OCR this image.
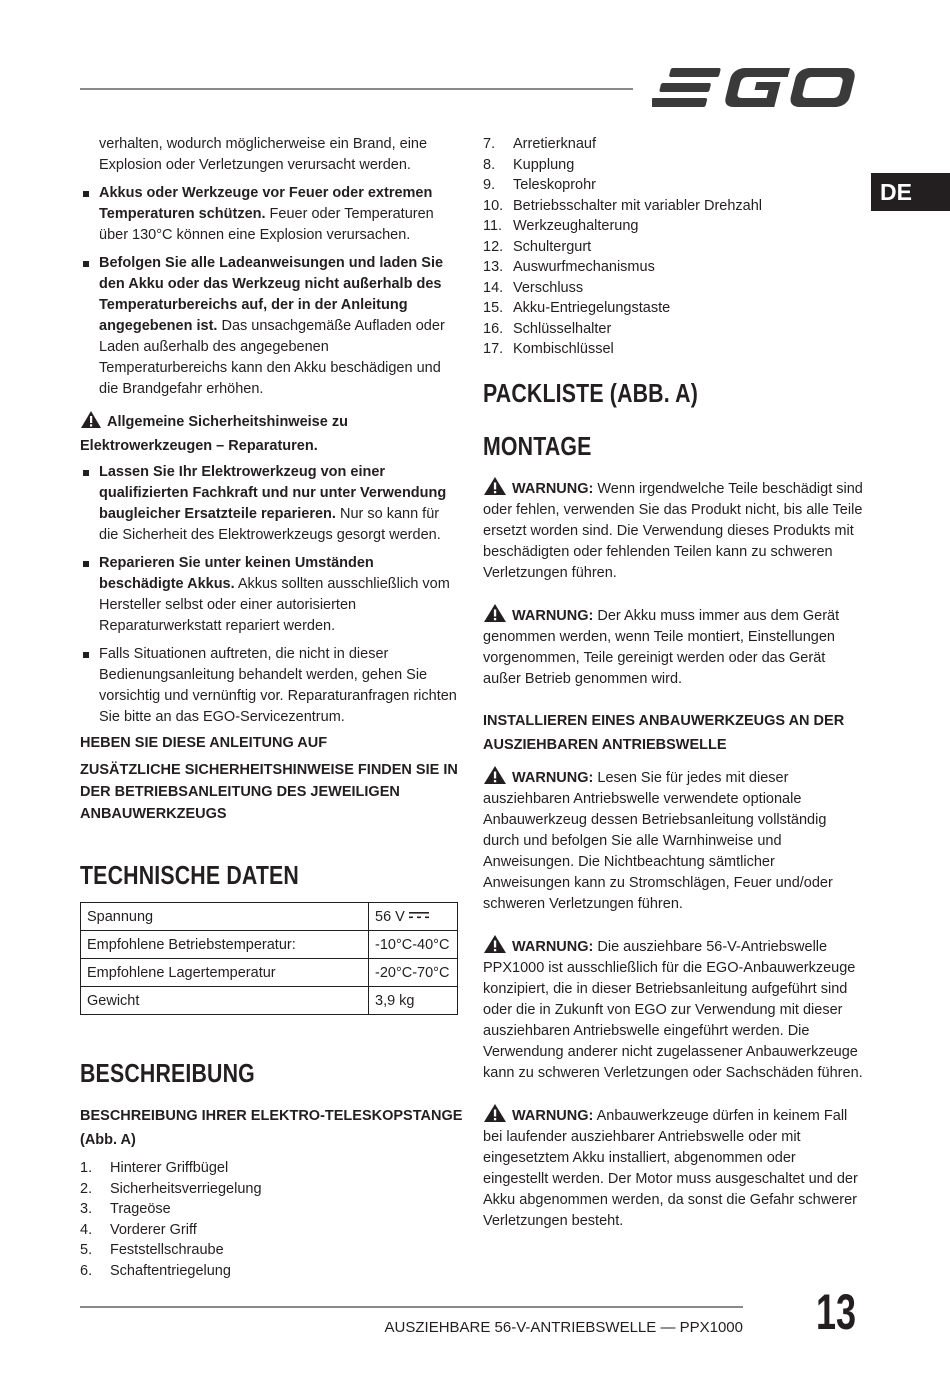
DE

verhalten, wodurch möglicherweise ein Brand, eine Explosion oder Verletzungen verursacht werden.

Akkus oder Werkzeuge vor Feuer oder extremen Temperaturen schützen. Feuer oder Temperaturen über 130°C können eine Explosion verursachen.
Befolgen Sie alle Ladeanweisungen und laden Sie den Akku oder das Werkzeug nicht außerhalb des Temperaturbereichs auf, der in der Anleitung angegebenen ist. Das unsachgemäße Aufladen oder Laden außerhalb des angegebenen Temperaturbereichs kann den Akku beschädigen und die Brandgefahr erhöhen.

Allgemeine Sicherheitshinweise zu Elektrowerkzeugen – Reparaturen.

Lassen Sie Ihr Elektrowerkzeug von einer qualifizierten Fachkraft und nur unter Verwendung baugleicher Ersatzteile reparieren. Nur so kann für die Sicherheit des Elektrowerkzeugs gesorgt werden.
Reparieren Sie unter keinen Umständen beschädigte Akkus. Akkus sollten ausschließlich vom Hersteller selbst oder einer autorisierten Reparaturwerkstatt repariert werden.
Falls Situationen auftreten, die nicht in dieser Bedienungsanleitung behandelt werden, gehen Sie vorsichtig und vernünftig vor. Reparaturanfragen richten Sie bitte an das EGO-Servicezentrum.

HEBEN SIE DIESE ANLEITUNG AUF

ZUSÄTZLICHE SICHERHEITSHINWEISE FINDEN SIE IN DER BETRIEBSANLEITUNG DES JEWEILIGEN ANBAUWERKZEUGS

TECHNISCHE DATEN
Spannung	56 V
Empfohlene Betriebstemperatur:	-10°C-40°C
Empfohlene Lagertemperatur	-20°C-70°C
Gewicht	3,9 kg
BESCHREIBUNG

BESCHREIBUNG IHRER ELEKTRO-TELESKOPSTANGE (Abb. A)

1.	Hinterer Griffbügel
2.	Sicherheitsverriegelung
3.	Trageöse
4.	Vorderer Griff
5.	Feststellschraube
6.	Schaftentriegelung
7.	Arretierknauf
8.	Kupplung
9.	Teleskoprohr
10. Betriebsschalter mit variabler Drehzahl
11. Werkzeughalterung
12. Schultergurt
13. Auswurfmechanismus
14. Verschluss
15. Akku-Entriegelungstaste
16. Schlüsselhalter
17. Kombischlüssel
PACKLISTE (ABB. A)
MONTAGE

WARNUNG: Wenn irgendwelche Teile beschädigt sind oder fehlen, verwenden Sie das Produkt nicht, bis alle Teile ersetzt worden sind. Die Verwendung dieses Produkts mit beschädigten oder fehlenden Teilen kann zu schweren Verletzungen führen.

WARNUNG: Der Akku muss immer aus dem Gerät genommen werden, wenn Teile montiert, Einstellungen vorgenommen, Teile gereinigt werden oder das Gerät außer Betrieb genommen wird.

INSTALLIEREN EINES ANBAUWERKZEUGS AN DER AUSZIEHBAREN ANTRIEBSWELLE

WARNUNG: Lesen Sie für jedes mit dieser ausziehbaren Antriebswelle verwendete optionale Anbauwerkzeug dessen Betriebsanleitung vollständig durch und befolgen Sie alle Warnhinweise und Anweisungen. Die Nichtbeachtung sämtlicher Anweisungen kann zu Stromschlägen, Feuer und/oder schweren Verletzungen führen.

WARNUNG: Die ausziehbare 56-V-Antriebswelle PPX1000 ist ausschließlich für die EGO-Anbauwerkzeuge konzipiert, die in dieser Betriebsanleitung aufgeführt sind oder die in Zukunft von EGO zur Verwendung mit dieser ausziehbaren Antriebswelle eingeführt werden. Die Verwendung anderer nicht zugelassener Anbauwerkzeuge kann zu schweren Verletzungen oder Sachschäden führen.

WARNUNG: Anbauwerkzeuge dürfen in keinem Fall bei laufender ausziehbarer Antriebswelle oder mit eingesetztem Akku installiert, abgenommen oder eingestellt werden. Der Motor muss ausgeschaltet und der Akku abgenommen werden, da sonst die Gefahr schwerer Verletzungen besteht.

AUSZIEHBARE 56-V-ANTRIEBSWELLE — PPX1000 13
